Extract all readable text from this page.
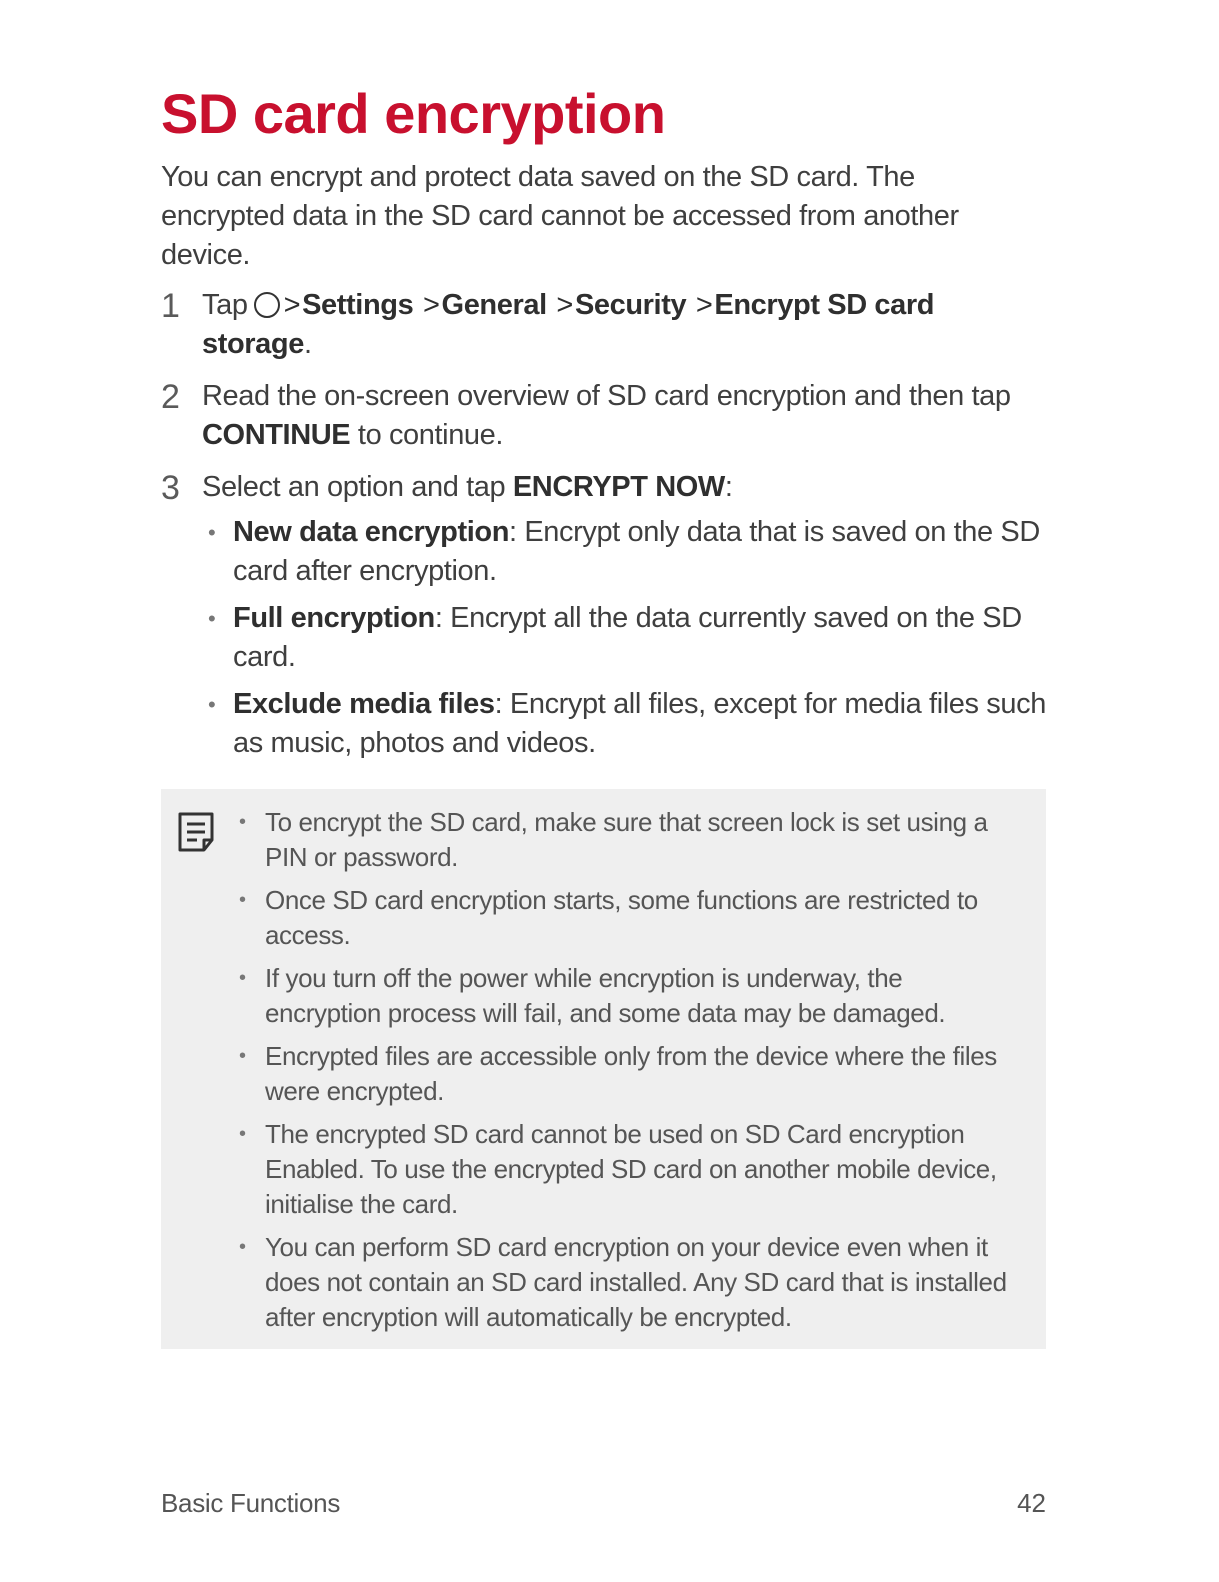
SD card encryption

You can encrypt and protect data saved on the SD card. The encrypted data in the SD card cannot be accessed from another device.

1 Tap >Settings >General >Security >Encrypt SD card storage.
2 Read the on-screen overview of SD card encryption and then tap CONTINUE to continue.
3 Select an option and tap ENCRYPT NOW:
• New data encryption: Encrypt only data that is saved on the SD card after encryption.
• Full encryption: Encrypt all the data currently saved on the SD card.
• Exclude media files: Encrypt all files, except for media files such as music, photos and videos.
• To encrypt the SD card, make sure that screen lock is set using a PIN or password.
• Once SD card encryption starts, some functions are restricted to access.
• If you turn off the power while encryption is underway, the encryption process will fail, and some data may be damaged.
• Encrypted files are accessible only from the device where the files were encrypted.
• The encrypted SD card cannot be used on SD Card encryption Enabled. To use the encrypted SD card on another mobile device, initialise the card.
• You can perform SD card encryption on your device even when it does not contain an SD card installed. Any SD card that is installed after encryption will automatically be encrypted.
Basic Functions	42
